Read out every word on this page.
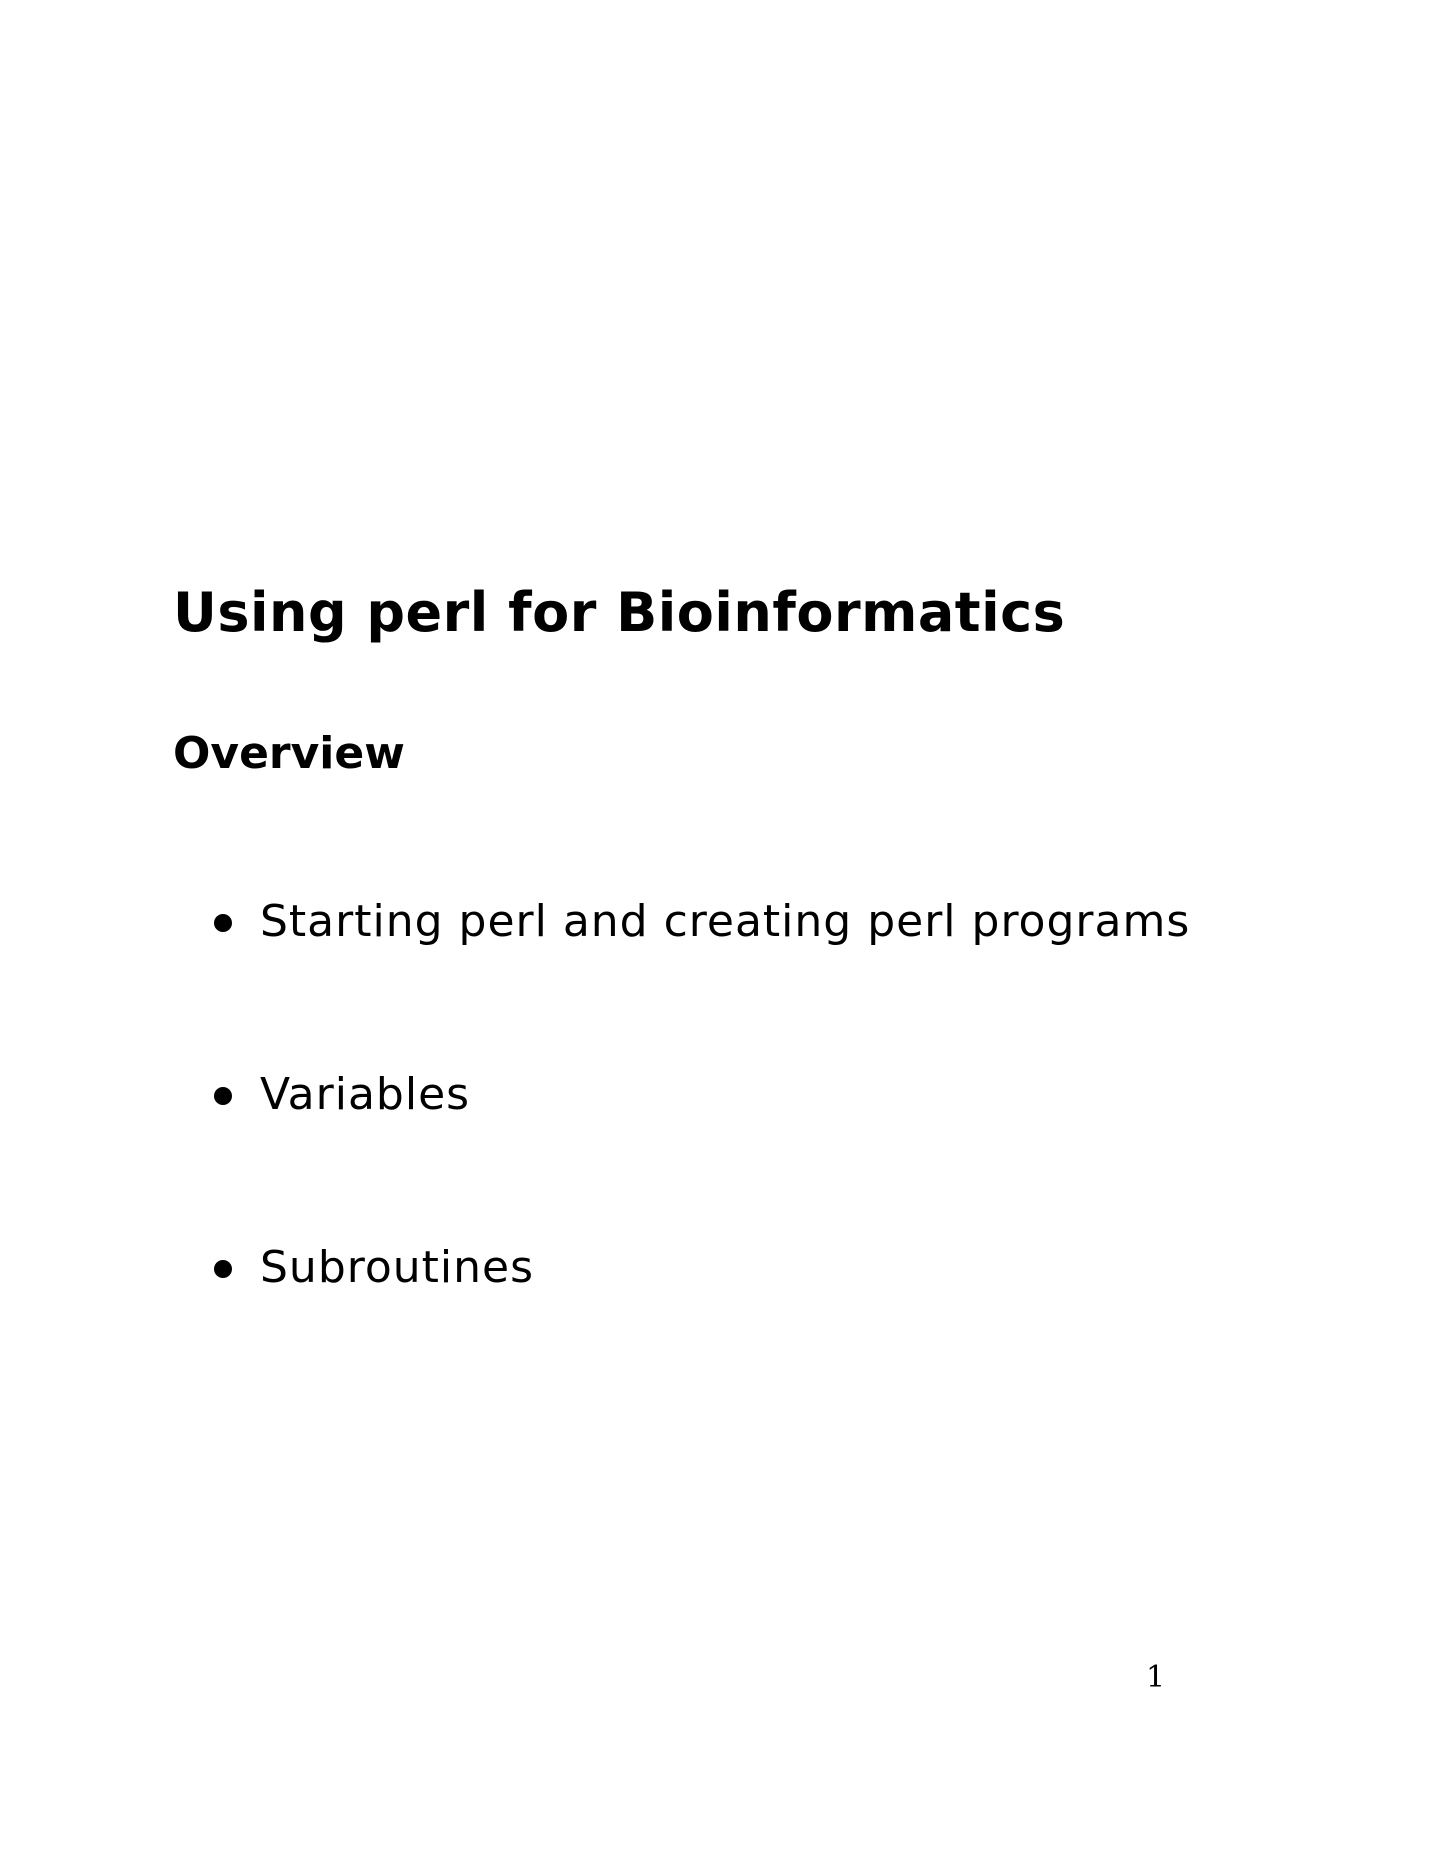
Using perl for Bioinformatics
Overview
Starting perl and creating perl programs
Variables
Subroutines
1
